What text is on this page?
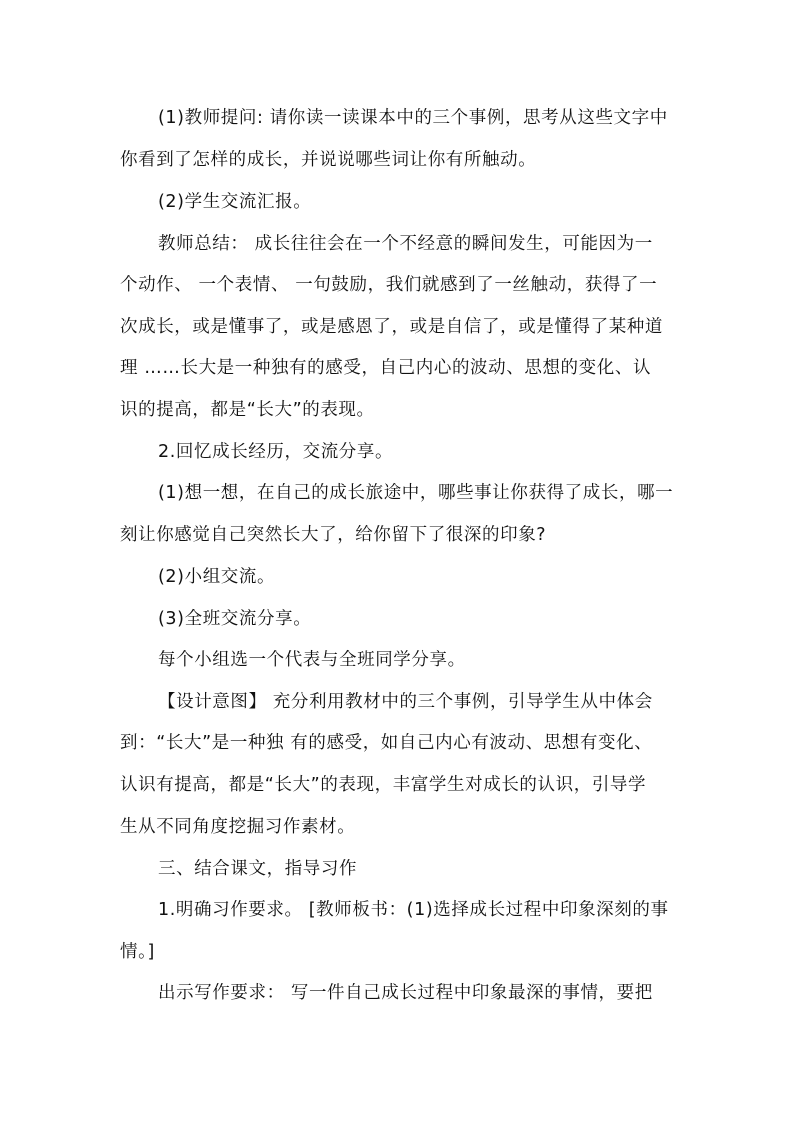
(1)教师提问: 请你读一读课本中的三个事例，思考从这些文字中
你看到了怎样的成长，并说说哪些词让你有所触动。
(2)学生交流汇报。
教师总结： 成长往往会在一个不经意的瞬间发生，可能因为一
个动作、 一个表情、 一句鼓励，我们就感到了一丝触动，获得了一
次成长，或是懂事了，或是感恩了，或是自信了，或是懂得了某种道
理 ……长大是一种独有的感受，自己内心的波动、思想的变化、认
识的提高，都是“长大”的表现。
2.回忆成长经历，交流分享。
(1)想一想，在自己的成长旅途中，哪些事让你获得了成长，哪一
刻让你感觉自己突然长大了，给你留下了很深的印象?
(2)小组交流。
(3)全班交流分享。
每个小组选一个代表与全班同学分享。
【设计意图】 充分利用教材中的三个事例，引导学生从中体会
到：“长大”是一种独 有的感受，如自己内心有波动、思想有变化、
认识有提高，都是“长大”的表现，丰富学生对成长的认识，引导学
生从不同角度挖掘习作素材。
三、结合课文，指导习作
1.明确习作要求。 [教师板书：(1)选择成长过程中印象深刻的事
情。]
出示写作要求： 写一件自己成长过程中印象最深的事情，要把
